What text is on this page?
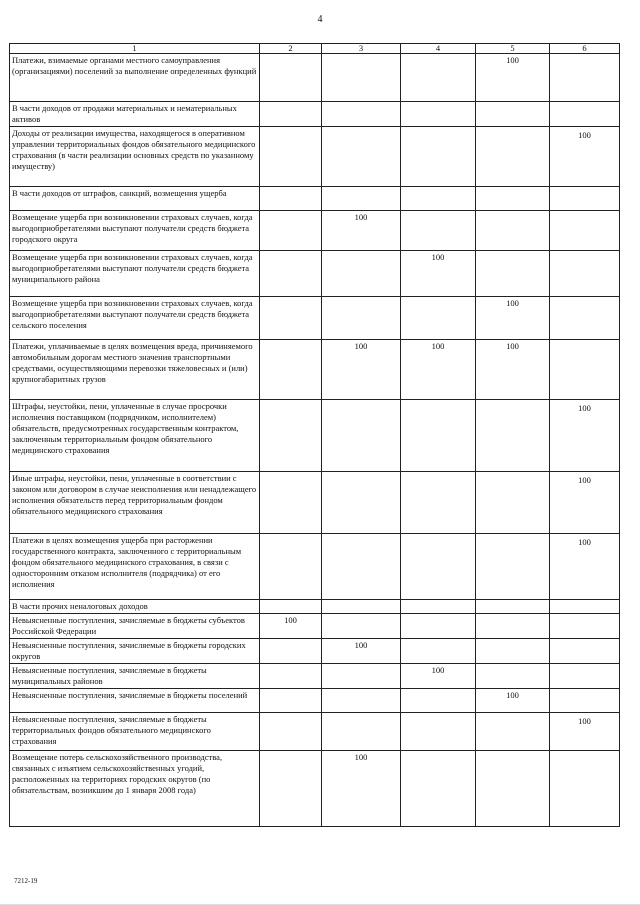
4
1	2	3	4	5	6
Платежи, взимаемые органами местного самоуправления (организациями) поселений за выполнение определенных функций				100	
В части доходов от продажи материальных и нематериальных активов					
Доходы от реализации имущества, находящегося в оперативном управлении территориальных фондов обязательного медицинского страхования (в части реализации основных средств по указанному имуществу)					100
В части доходов от штрафов, санкций, возмещения ущерба					
Возмещение ущерба при возникновении страховых случаев, когда выгодоприобретателями выступают получатели средств бюджета городского округа		100			
Возмещение ущерба при возникновении страховых случаев, когда выгодоприобретателями выступают получатели средств бюджета муниципального района			100		
Возмещение ущерба при возникновении страховых случаев, когда выгодоприобретателями выступают получатели средств бюджета сельского поселения				100	
Платежи, уплачиваемые в целях возмещения вреда, причиняемого автомобильным дорогам местного значения транспортными средствами, осуществляющими перевозки тяжеловесных и (или) крупногабаритных грузов		100	100	100	
Штрафы, неустойки, пени, уплаченные в случае просрочки исполнения поставщиком (подрядчиком, исполнителем) обязательств, предусмотренных государственным контрактом, заключенным территориальным фондом обязательного медицинского страхования					100
Иные штрафы, неустойки, пени, уплаченные в соответствии с законом или договором в случае неисполнения или ненадлежащего исполнения обязательств перед территориальным фондом обязательного медицинского страхования					100
Платежи в целях возмещения ущерба при расторжении государственного контракта, заключенного с территориальным фондом обязательного медицинского страхования, в связи с односторонним отказом исполнителя (подрядчика) от его исполнения					100
В части прочих неналоговых доходов					
Невыясненные поступления, зачисляемые в бюджеты субъектов Российской Федерации	100				
Невыясненные поступления, зачисляемые в бюджеты городских округов		100			
Невыясненные поступления, зачисляемые в бюджеты муниципальных районов			100		
Невыясненные поступления, зачисляемые в бюджеты поселений				100	
Невыясненные поступления, зачисляемые в бюджеты территориальных фондов обязательного медицинского страхования					100
Возмещение потерь сельскохозяйственного производства, связанных с изъятием сельскохозяйственных угодий, расположенных на территориях городских округов (по обязательствам, возникшим до 1 января 2008 года)		100			
7212-19
